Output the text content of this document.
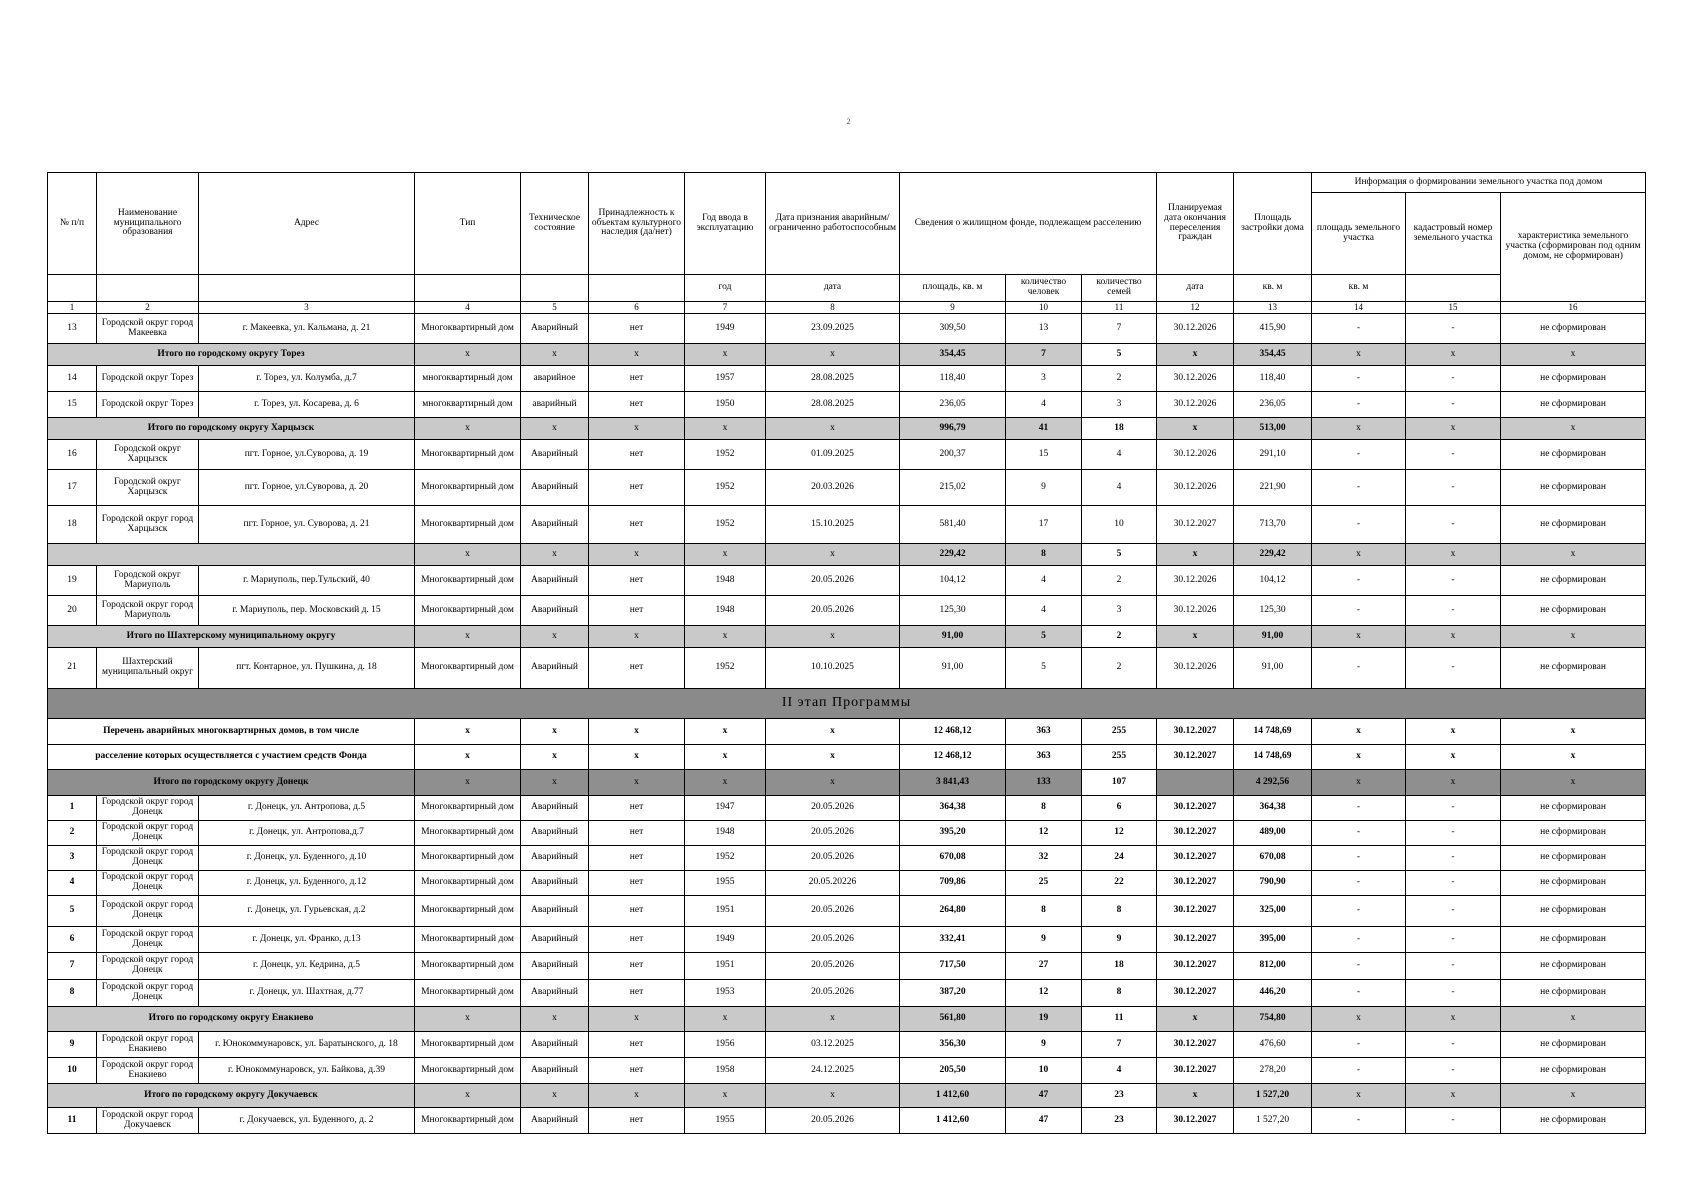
2
№ п/п	Наименование муниципального образования	Адрес	Тип	Техническое состояние	Принадлежность к объектам культурного наследия (да/нет)	Год ввода в эксплуатацию	Дата признания аварийным/ограниченно работоспособным	Сведения о жилищном фонде, подлежащем расселению			Планируемая дата окончания переселения граждан	Площадь застройки дома	Информация о формировании земельного участка под домом		
													площадь земельного участка	кадастровый номер земельного участка	характеристика земельного участка (сформирован под одним домом, не сформирован)
						год	дата	площадь, кв. м	количество человек	количество семей	дата	кв. м	кв. м		
1	2	3	4	5	6	7	8	9	10	11	12	13	14	15	16
13	Городской округ город Макеевка	г. Макеевка, ул. Кальмана, д. 21	Многоквартирный дом	Аварийный	нет	1949	23.09.2025	309,50	13	7	30.12.2026	415,90	-	-	не сформирован
Итого по городскому округу Торез			x	x	x	x	x	354,45	7	5	x	354,45	x	x	x
14	Городской округ Торез	г. Торез, ул. Колумба, д.7	многоквартирный дом	аварийное	нет	1957	28.08.2025	118,40	3	2	30.12.2026	118,40	-	-	не сформирован
15	Городской округ Торез	г. Торез, ул. Косарева, д. 6	многоквартирный дом	аварийный	нет	1950	28.08.2025	236,05	4	3	30.12.2026	236,05	-	-	не сформирован
Итого по городскому округу Харцызск			x	x	x	x	x	996,79	41	18	x	513,00	x	x	x
16	Городской округ Харцызск	пгт. Горное, ул.Суворова, д. 19	Многоквартирный дом	Аварийный	нет	1952	01.09.2025	200,37	15	4	30.12.2026	291,10	-	-	не сформирован
17	Городской округ Харцызск	пгт. Горное, ул.Суворова, д. 20	Многоквартирный дом	Аварийный	нет	1952	20.03.2026	215,02	9	4	30.12.2026	221,90	-	-	не сформирован
18	Городской округ город Харцызск	пгт. Горное, ул. Суворова, д. 21	Многоквартирный дом	Аварийный	нет	1952	15.10.2025	581,40	17	10	30.12.2027	713,70	-	-	не сформирован
			x	x	x	x	x	229,42	8	5	x	229,42	x	x	x
19	Городской округ Мариуполь	г. Мариуполь, пер.Тульский, 40	Многоквартирный дом	Аварийный	нет	1948	20.05.2026	104,12	4	2	30.12.2026	104,12	-	-	не сформирован
20	Городской округ город Мариуполь	г. Мариуполь, пер. Московский д. 15	Многоквартирный дом	Аварийный	нет	1948	20.05.2026	125,30	4	3	30.12.2026	125,30	-	-	не сформирован
Итого по Шахтерскому муниципальному округу			x	x	x	x	x	91,00	5	2	x	91,00	x	x	x
21	Шахтерский муниципальный округ	пгт. Контарное, ул. Пушкина, д. 18	Многоквартирный дом	Аварийный	нет	1952	10.10.2025	91,00	5	2	30.12.2026	91,00	-	-	не сформирован
II этап Программы															
Перечень аварийных многоквартирных домов, в том числе			x	x	x	x	x	12 468,12	363	255	30.12.2027	14 748,69	x	x	x
расселение которых осуществляется с участием средств Фонда			x	x	x	x	x	12 468,12	363	255	30.12.2027	14 748,69	x	x	x
Итого по городскому округу Донецк			x	x	x	x	x	3 841,43	133	107		4 292,56	x	x	x
1	Городской округ город Донецк	г. Донецк, ул. Антропова, д.5	Многоквартирный дом	Аварийный	нет	1947	20.05.2026	364,38	8	6	30.12.2027	364,38	-	-	не сформирован
2	Городской округ город Донецк	г. Донецк, ул. Антропова,д.7	Многоквартирный дом	Аварийный	нет	1948	20.05.2026	395,20	12	12	30.12.2027	489,00	-	-	не сформирован
3	Городской округ город Донецк	г. Донецк, ул. Буденного, д.10	Многоквартирный дом	Аварийный	нет	1952	20.05.2026	670,08	32	24	30.12.2027	670,08	-	-	не сформирован
4	Городской округ город Донецк	г. Донецк, ул. Буденного, д.12	Многоквартирный дом	Аварийный	нет	1955	20.05.20226	709,86	25	22	30.12.2027	790,90	-	-	не сформирован
5	Городской округ город Донецк	г. Донецк, ул. Гурьевская, д.2	Многоквартирный дом	Аварийный	нет	1951	20.05.2026	264,80	8	8	30.12.2027	325,00	-	-	не сформирован
6	Городской округ город Донецк	г. Донецк, ул. Франко, д.13	Многоквартирный дом	Аварийный	нет	1949	20.05.2026	332,41	9	9	30.12.2027	395,00	-	-	не сформирован
7	Городской округ город Донецк	г. Донецк, ул. Кедрина, д.5	Многоквартирный дом	Аварийный	нет	1951	20.05.2026	717,50	27	18	30.12.2027	812,00	-	-	не сформирован
8	Городской округ город Донецк	г. Донецк, ул. Шахтная, д.77	Многоквартирный дом	Аварийный	нет	1953	20.05.2026	387,20	12	8	30.12.2027	446,20	-	-	не сформирован
Итого по городскому округу Енакиево			x	x	x	x	x	561,80	19	11	x	754,80	x	x	x
9	Городской округ город Енакиево	г. Юнокоммунаровск, ул. Баратынского, д. 18	Многоквартирный дом	Аварийный	нет	1956	03.12.2025	356,30	9	7	30.12.2027	476,60	-	-	не сформирован
10	Городской округ город Енакиево	г. Юнокоммунаровск, ул. Байкова, д.39	Многоквартирный дом	Аварийный	нет	1958	24.12.2025	205,50	10	4	30.12.2027	278,20	-	-	не сформирован
Итого по городскому округу Докучаевск			x	x	x	x	x	1 412,60	47	23	x	1 527,20	x	x	x
11	Городской округ город Докучаевск	г. Докучаевск, ул. Буденного, д. 2	Многоквартирный дом	Аварийный	нет	1955	20.05.2026	1 412,60	47	23	30.12.2027	1 527,20	-	-	не сформирован
